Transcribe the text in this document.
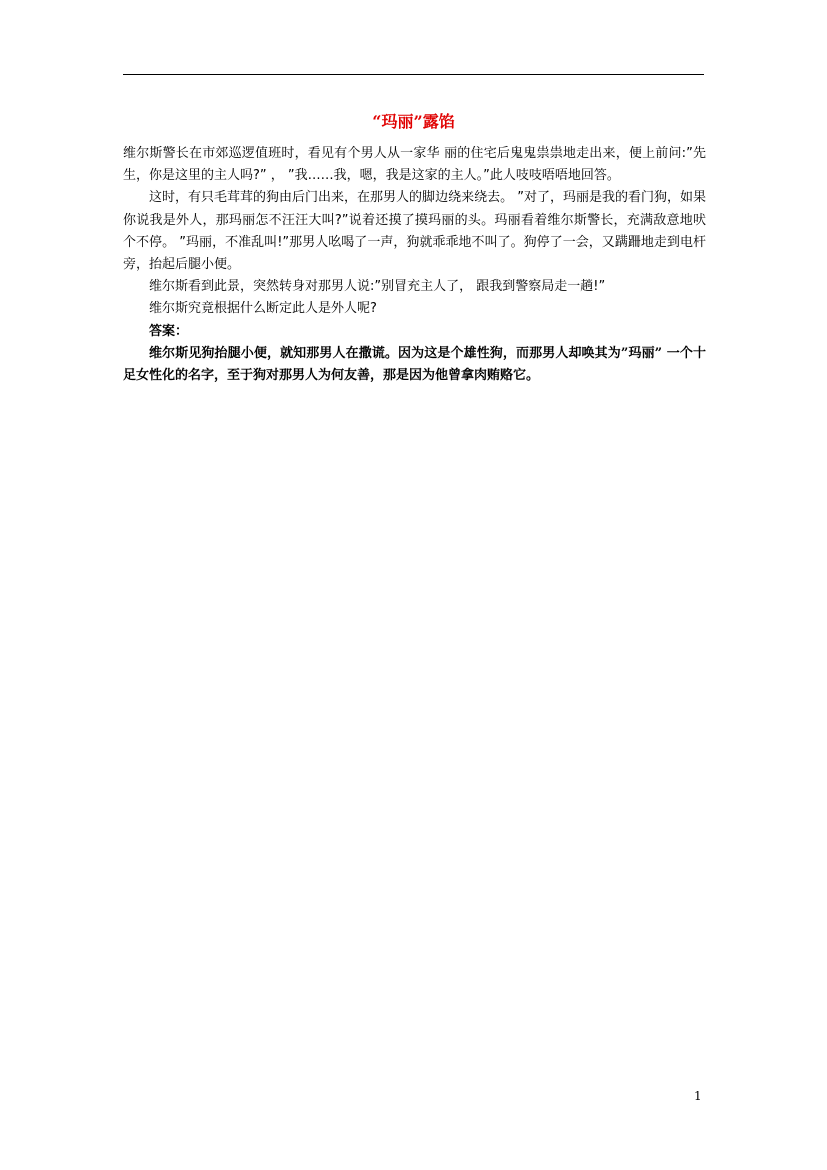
“玛丽”露馅

维尔斯警长在市郊巡逻值班时，看见有个男人从一家华 丽的住宅后鬼鬼祟祟地走出来，便上前问:”先生，你是这里的主人吗?” ， ”我……我，嗯，我是这家的主人。”此人吱吱唔唔地回答。

这时，有只毛茸茸的狗由后门出来，在那男人的脚边绕来绕去。 ”对了，玛丽是我的看门狗，如果你说我是外人，那玛丽怎不汪汪大叫?”说着还摸了摸玛丽的头。玛丽看着维尔斯警长，充满敌意地吠个不停。 ”玛丽，不准乱叫!”那男人吆喝了一声，狗就乖乖地不叫了。狗停了一会，又蹒跚地走到电杆旁，抬起后腿小便。

维尔斯看到此景，突然转身对那男人说:”别冒充主人了， 跟我到警察局走一趟!”

维尔斯究竟根据什么断定此人是外人呢?

答案：

维尔斯见狗抬腿小便，就知那男人在撒谎。因为这是个雄性狗，而那男人却唤其为”玛丽” 一个十足女性化的名字，至于狗对那男人为何友善，那是因为他曾拿肉贿赂它。

1
